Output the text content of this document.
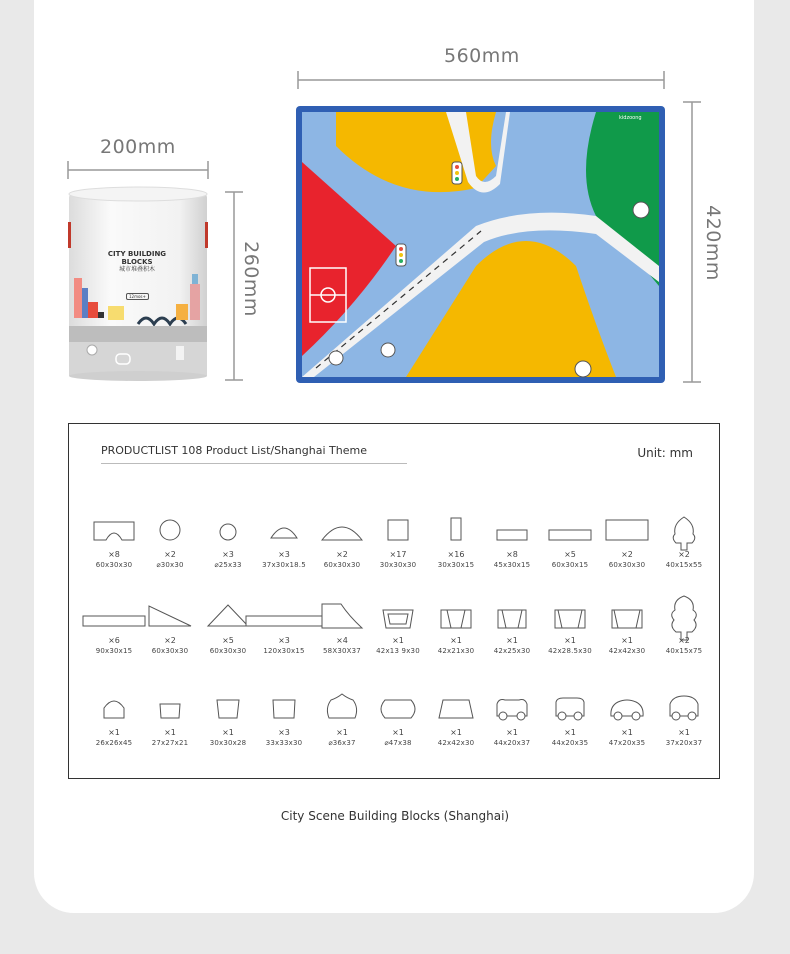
200mm
260mm
CITY BUILDING
BLOCKS
城市堆叠积木
12mos+
560mm
420mm
kidzoong
PRODUCTLIST 108 Product List/Shanghai Theme	Unit: mm
×8
60x30x30
×2
⌀30x30
×3
⌀25x33
×3
37x30x18.5
×2
60x30x30
×17
30x30x30
×16
30x30x15
×8
45x30x15
×5
60x30x15
×2
60x30x30
×2
40x15x55
×6
90x30x15
×2
60x30x30
×5
60x30x30
×3
120x30x15
×4
58X30X37
×1
42x13 9x30
×1
42x21x30
×1
42x25x30
×1
42x28.5x30
×1
42x42x30
×2
40x15x75
×1
26x26x45
×1
27x27x21
×1
30x30x28
×3
33x33x30
×1
⌀36x37
×1
⌀47x38
×1
42x42x30
×1
44x20x37
×1
44x20x35
×1
47x20x35
×1
37x20x37
City Scene Building Blocks (Shanghai)
